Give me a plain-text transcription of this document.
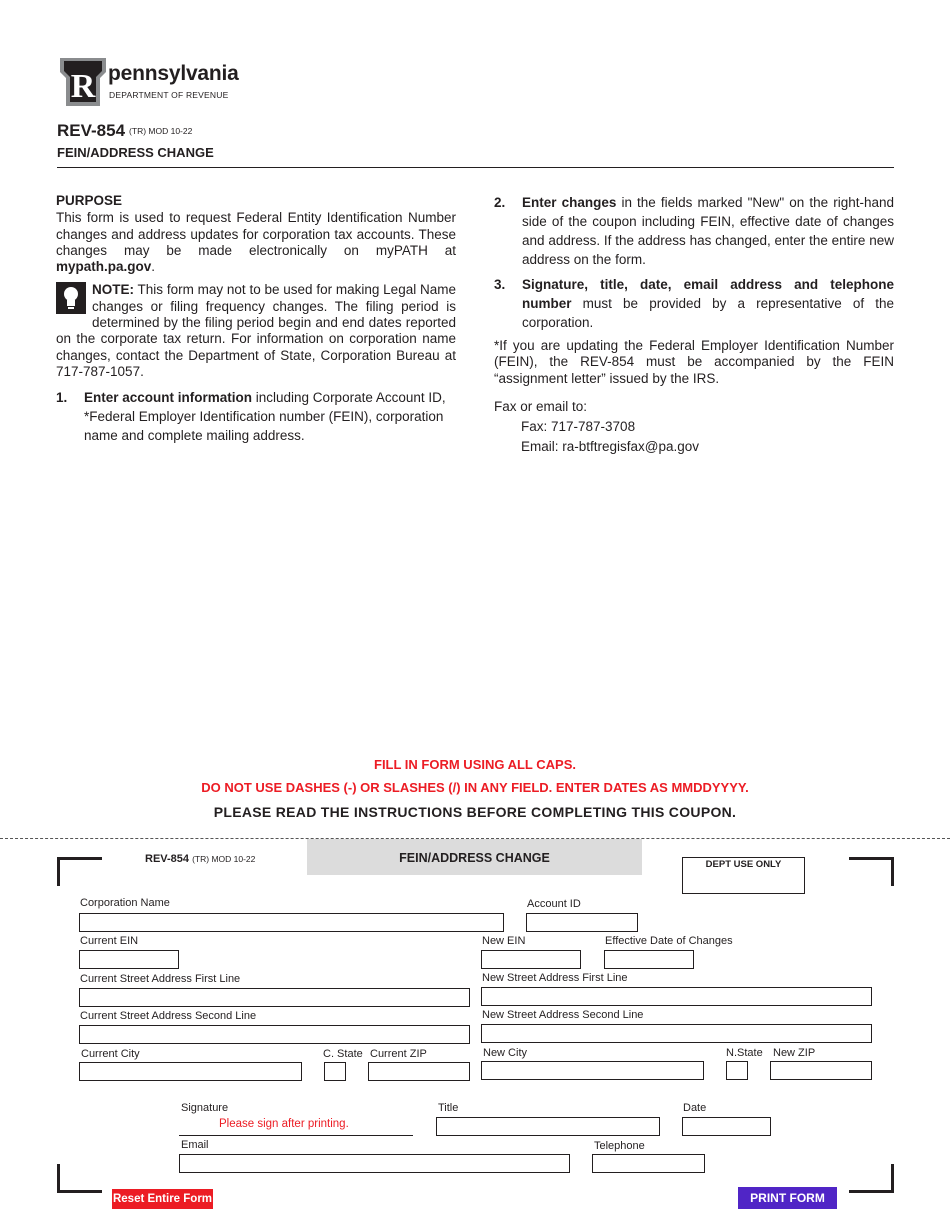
R pennsylvania
DEPARTMENT OF REVENUE
REV-854 (TR) MOD 10-22
FEIN/ADDRESS CHANGE
PURPOSE
This form is used to request Federal Entity Identification Number changes and address updates for corporation tax accounts. These changes may be made electronically on myPATH at mypath.pa.gov.
NOTE: This form may not to be used for making Legal Name changes or filing frequency changes. The filing period is determined by the filing period begin and end dates reported on the corporate tax return. For information on corporation name changes, contact the Department of State, Corporation Bureau at 717-787-1057.
1. Enter account information including Corporate Account ID, *Federal Employer Identification number (FEIN), corporation name and complete mailing address.
2. Enter changes in the fields marked "New" on the right-hand side of the coupon including FEIN, effective date of changes and address. If the address has changed, enter the entire new address on the form.
3. Signature, title, date, email address and telephone number must be provided by a representative of the corporation.
*If you are updating the Federal Employer Identification Number (FEIN), the REV-854 must be accompanied by the FEIN “assignment letter” issued by the IRS.
Fax or email to:
Fax: 717-787-3708
Email: ra-btftregisfax@pa.gov
FILL IN FORM USING ALL CAPS.
DO NOT USE DASHES (-) OR SLASHES (/) IN ANY FIELD. ENTER DATES AS MMDDYYYY.
PLEASE READ THE INSTRUCTIONS BEFORE COMPLETING THIS COUPON.
REV-854 (TR) MOD 10-22	FEIN/ADDRESS CHANGE	DEPT USE ONLY
Corporation Name	Account ID
Current EIN	New EIN	Effective Date of Changes
Current Street Address First Line	New Street Address First Line
Current Street Address Second Line	New Street Address Second Line
Current City	C. State Current ZIP	New City	N.State New ZIP
Signature
Please sign after printing.
Title	Date
Email	Telephone
Reset Entire Form	PRINT FORM
